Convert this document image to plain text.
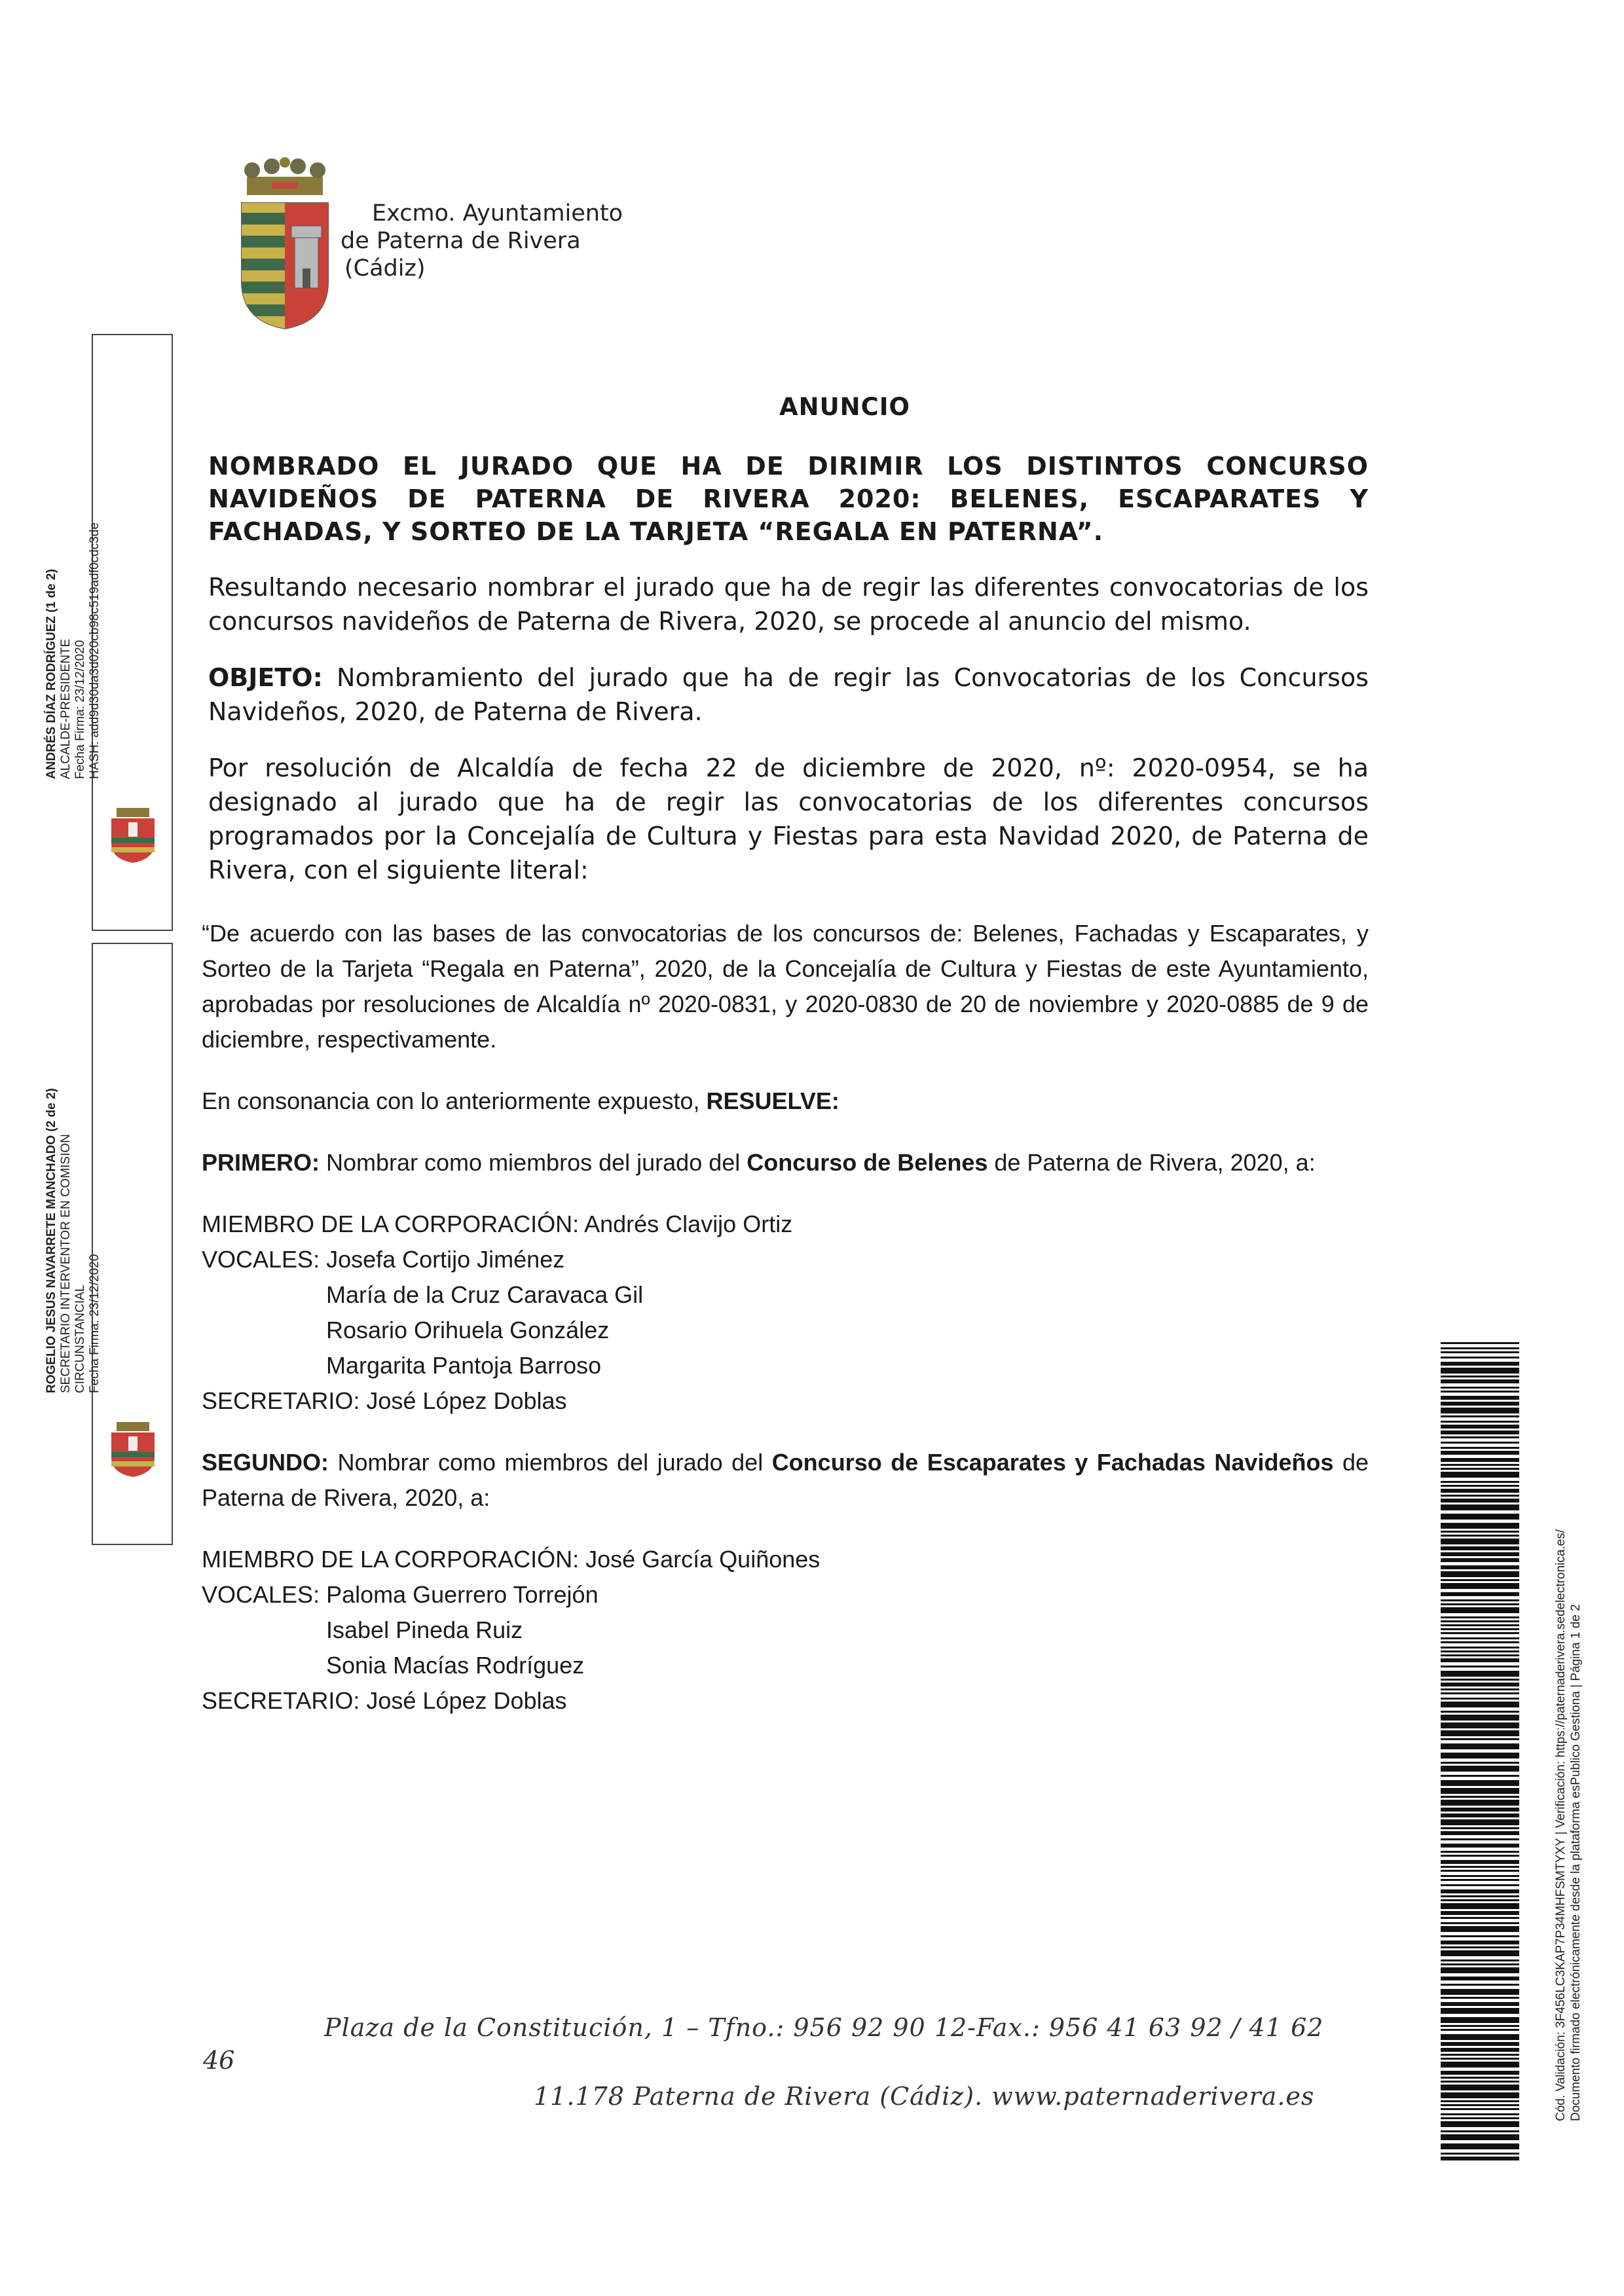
Excmo. Ayuntamiento
de Paterna de Rivera
(Cádiz)
ANDRÉS DÍAZ RODRÍGUEZ (1 de 2) ALCALDE-PRESIDENTE Fecha Firma: 23/12/2020 HASH: add9d30da3d020cb98c519adf0cdc3de
ROGELIO JESUS NAVARRETE MANCHADO (2 de 2) SECRETARIO INTERVENTOR EN COMISION CIRCUNSTANCIAL Fecha Firma: 23/12/2020
ANUNCIO
NOMBRADO EL JURADO QUE HA DE DIRIMIR LOS DISTINTOS CONCURSO NAVIDEÑOS DE PATERNA DE RIVERA 2020: BELENES, ESCAPARATES Y FACHADAS, Y SORTEO DE LA TARJETA “REGALA EN PATERNA”.
Resultando necesario nombrar el jurado que ha de regir las diferentes convocatorias de los concursos navideños de Paterna de Rivera, 2020, se procede al anuncio del mismo.
OBJETO: Nombramiento del jurado que ha de regir las Convocatorias de los Concursos Navideños, 2020, de Paterna de Rivera.
Por resolución de Alcaldía de fecha 22 de diciembre de 2020, nº: 2020-0954, se ha designado al jurado que ha de regir las convocatorias de los diferentes concursos programados por la Concejalía de Cultura y Fiestas para esta Navidad 2020, de Paterna de Rivera, con el siguiente literal:
“De acuerdo con las bases de las convocatorias de los concursos de: Belenes, Fachadas y Escaparates, y Sorteo de la Tarjeta “Regala en Paterna”, 2020, de la Concejalía de Cultura y Fiestas de este Ayuntamiento, aprobadas por resoluciones de Alcaldía nº 2020-0831, y 2020-0830 de 20 de noviembre y 2020-0885 de 9 de diciembre, respectivamente.
En consonancia con lo anteriormente expuesto, RESUELVE:
PRIMERO: Nombrar como miembros del jurado del Concurso de Belenes de Paterna de Rivera, 2020, a:
MIEMBRO DE LA CORPORACIÓN: Andrés Clavijo Ortiz
VOCALES: Josefa Cortijo Jiménez
María de la Cruz Caravaca Gil
Rosario Orihuela González
Margarita Pantoja Barroso
SECRETARIO: José López Doblas
SEGUNDO: Nombrar como miembros del jurado del Concurso de Escaparates y Fachadas Navideños de Paterna de Rivera, 2020, a:
MIEMBRO DE LA CORPORACIÓN: José García Quiñones
VOCALES: Paloma Guerrero Torrejón
Isabel Pineda Ruiz
Sonia Macías Rodríguez
SECRETARIO: José López Doblas
Plaza de la Constitución, 1 – Tfno.: 956 92 90 12-Fax.: 956 41 63 92 / 41 62
46
11.178 Paterna de Rivera (Cádiz). www.paternaderivera.es	Cód. Validación: 3F456LC3KAP7P34MHFSMTYXY | Verificación: https://paternaderivera.sedelectronica.es/ Documento firmado electrónicamente desde la plataforma esPublico Gestiona | Página 1 de 2
